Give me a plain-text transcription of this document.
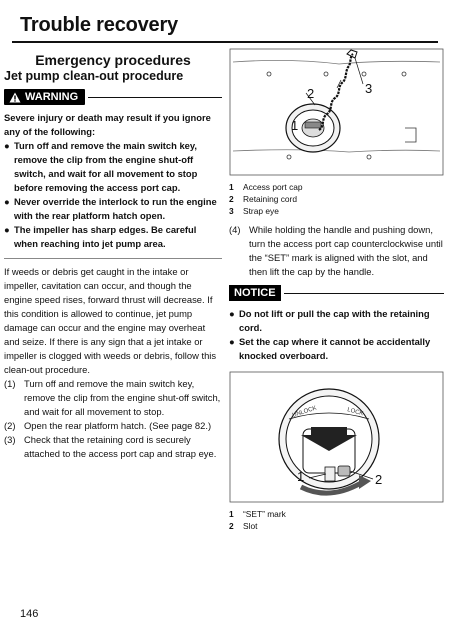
Trouble recovery
Emergency procedures
Jet pump clean-out procedure
WARNING

Severe injury or death may result if you ignore any of the following:

● Turn off and remove the main switch key, remove the clip from the engine shut-off switch, and wait for all movement to stop before removing the access port cap.
● Never override the interlock to run the engine with the rear platform hatch open.
● The impeller has sharp edges. Be careful when reaching into jet pump area.

If weeds or debris get caught in the intake or impeller, cavitation can occur, and though the engine speed rises, forward thrust will decrease. If this condition is allowed to continue, jet pump damage can occur and the engine may overheat and seize. If there is any sign that a jet intake or impeller is clogged with weeds or debris, follow this clean-out procedure.

(1) Turn off and remove the main switch key, remove the clip from the engine shut-off switch, and wait for all movement to stop.
(2) Open the rear platform hatch. (See page 82.)
(3) Check that the retaining cord is securely attached to the access port cap and strap eye.
1
2	3
1	Access port cap
2	Retaining cord
3	Strap eye
(4) While holding the handle and pushing down, turn the access port cap counterclockwise until the “SET” mark is aligned with the slot, and then lift the cap by the handle.
NOTICE
● Do not lift or pull the cap with the retaining cord.
● Set the cap where it cannot be accidentally knocked overboard.
UNLOCK	LOCK
1	2
1	“SET” mark
2	Slot
146
